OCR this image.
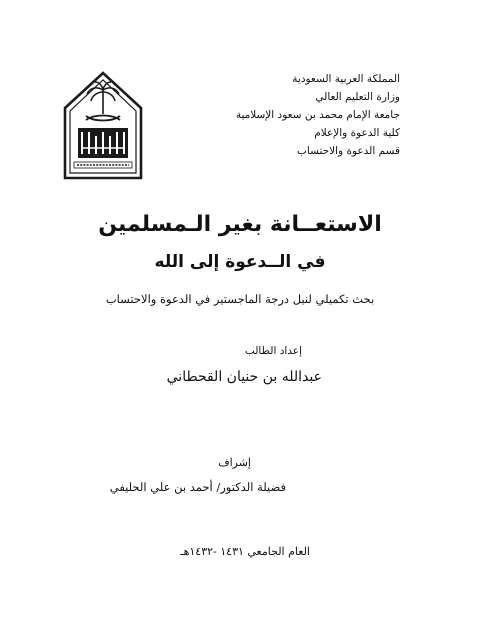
المملكة العربية السعودية
وزارة التعليم العالي
جامعة الإمام محمد بن سعود الإسلامية
كلية الدعوة والإعلام
قسم الدعوة والاحتساب
الاستعــانة بغير الـمسلمين
في الــدعوة إلى الله
بحث تكميلي لنيل درجة الماجستير في الدعوة والاحتساب
إعداد الطالب
عبدالله بن حنيان القحطاني
إشراف
فضيلة الدكتور/ أحمد بن علي الحليفي
العام الجامعي ١٤٣١ -١٤٣٢هـ
